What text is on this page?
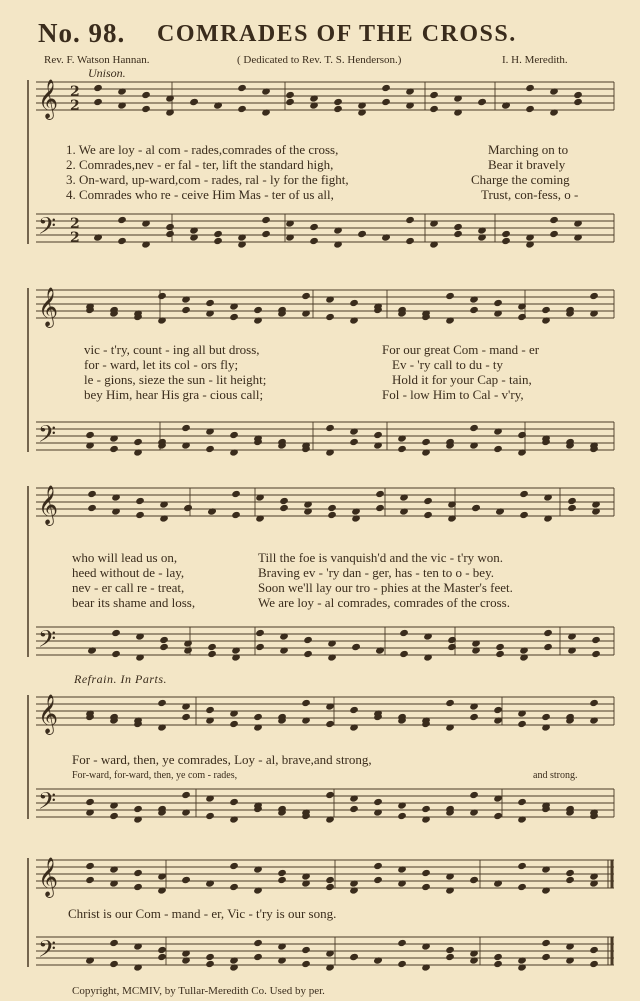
No. 98. COMRADES OF THE CROSS.
Rev. F. Watson Hannan.	( Dedicated to Rev. T. S. Henderson.)	I. H. Meredith.
Unison.
𝄞
𝄢
2
2
2
2
𝄞
𝄢
𝄞
𝄢
𝄞
𝄢
𝄞
𝄢
1. We are loy - al com - rades,comrades of the cross,	Marching on to
2. Comrades,nev - er fal - ter, lift the standard high,	Bear it bravely
3. On-ward, up-ward,com - rades, ral - ly for the fight,	Charge the coming
4. Comrades who re - ceive Him Mas - ter of us all,	Trust, con-fess, o -
vic - t'ry, count - ing all but dross,	For our great Com - mand - er
for - ward, let its col - ors fly;	Ev - 'ry call to du - ty
le - gions, sieze the sun - lit height;	Hold it for your Cap - tain,
bey Him, hear His gra - cious call;	Fol - low Him to Cal - v'ry,
who will lead us on,	Till the foe is vanquish'd and the vic - t'ry won.
heed without de - lay,	Braving ev - 'ry dan - ger, has - ten to o - bey.
nev - er call re - treat,	Soon we'll lay our tro - phies at the Master's feet.
bear its shame and loss,	We are loy - al comrades, comrades of the cross.
Refrain. In Parts.
For - ward, then, ye comrades, Loy - al, brave,and strong,
For-ward, for-ward, then, ye com - rades,	and strong.
Christ is our Com - mand - er, Vic - t'ry is our song.
Copyright, MCMIV, by Tullar-Meredith Co. Used by per.
